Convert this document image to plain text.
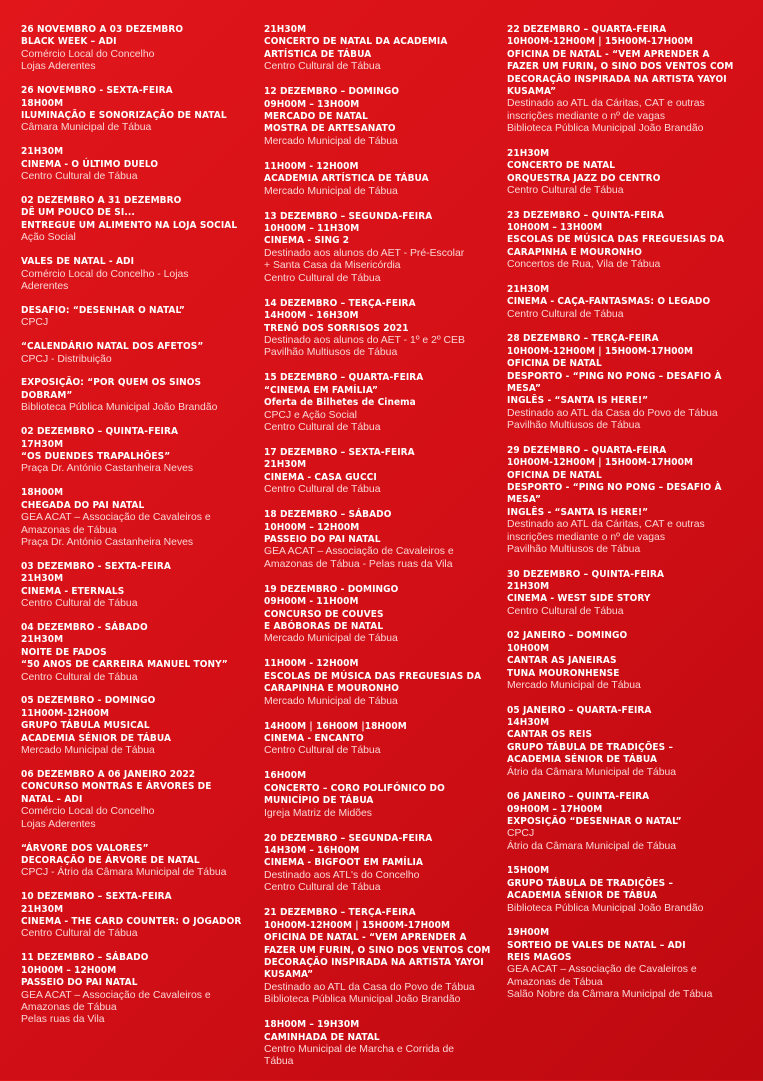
26 NOVEMBRO A 03 DEZEMBRO
BLACK WEEK – ADI
Comércio Local do Concelho
Lojas Aderentes
26 NOVEMBRO - SEXTA-FEIRA
18H00M
ILUMINAÇÃO E SONORIZAÇÃO DE NATAL
Câmara Municipal de Tábua
21H30M
CINEMA - O ÚLTIMO DUELO
Centro Cultural de Tábua
02 DEZEMBRO A 31 DEZEMBRO
DÊ UM POUCO DE SI...
ENTREGUE UM ALIMENTO NA LOJA SOCIAL
Ação Social
VALES DE NATAL - ADI
Comércio Local do Concelho - Lojas
Aderentes
DESAFIO: “DESENHAR O NATAL”
CPCJ
“CALENDÁRIO NATAL DOS AFETOS”
CPCJ - Distribuição
EXPOSIÇÃO: “POR QUEM OS SINOS
DOBRAM”
Biblioteca Pública Municipal João Brandão
02 DEZEMBRO – QUINTA-FEIRA
17H30M
“OS DUENDES TRAPALHÕES”
Praça Dr. António Castanheira Neves
18H00M
CHEGADA DO PAI NATAL
GEA ACAT – Associação de Cavaleiros e
Amazonas de Tábua
Praça Dr. António Castanheira Neves
03 DEZEMBRO - SEXTA-FEIRA
21H30M
CINEMA - ETERNALS
Centro Cultural de Tábua
04 DEZEMBRO - SÁBADO
21H30M
NOITE DE FADOS
“50 ANOS DE CARREIRA MANUEL TONY”
Centro Cultural de Tábua
05 DEZEMBRO - DOMINGO
11H00M-12H00M
GRUPO TÁBULA MUSICAL
ACADEMIA SÉNIOR DE TÁBUA
Mercado Municipal de Tábua
06 DEZEMBRO A 06 JANEIRO 2022
CONCURSO MONTRAS E ÁRVORES DE
NATAL – ADI
Comércio Local do Concelho
Lojas Aderentes
“ÁRVORE DOS VALORES”
DECORAÇÃO DE ÁRVORE DE NATAL
CPCJ - Átrio da Câmara Municipal de Tábua
10 DEZEMBRO – SEXTA-FEIRA
21H30M
CINEMA - THE CARD COUNTER: O JOGADOR
Centro Cultural de Tábua
11 DEZEMBRO – SÁBADO
10H00M – 12H00M
PASSEIO DO PAI NATAL
GEA ACAT – Associação de Cavaleiros e
Amazonas de Tábua
Pelas ruas da Vila
21H30M
CONCERTO DE NATAL DA ACADEMIA
ARTÍSTICA DE TÁBUA
Centro Cultural de Tábua
12 DEZEMBRO – DOMINGO
09H00M – 13H00M
MERCADO DE NATAL
MOSTRA DE ARTESANATO
Mercado Municipal de Tábua
11H00M - 12H00M
ACADEMIA ARTÍSTICA DE TÁBUA
Mercado Municipal de Tábua
13 DEZEMBRO – SEGUNDA-FEIRA
10H00M – 11H30M
CINEMA - SING 2
Destinado aos alunos do AET - Pré-Escolar
+ Santa Casa da Misericórdia
Centro Cultural de Tábua
14 DEZEMBRO – TERÇA-FEIRA
14H00M - 16H30M
TRENÓ DOS SORRISOS 2021
Destinado aos alunos do AET - 1º e 2º CEB
Pavilhão Multiusos de Tábua
15 DEZEMBRO – QUARTA-FEIRA
“CINEMA EM FAMÍLIA”
Oferta de Bilhetes de Cinema
CPCJ e Ação Social
Centro Cultural de Tábua
17 DEZEMBRO – SEXTA-FEIRA
21H30M
CINEMA - CASA GUCCI
Centro Cultural de Tábua
18 DEZEMBRO – SÁBADO
10H00M – 12H00M
PASSEIO DO PAI NATAL
GEA ACAT – Associação de Cavaleiros e
Amazonas de Tábua - Pelas ruas da Vila
19 DEZEMBRO - DOMINGO
09H00M - 11H00M
CONCURSO DE COUVES
E ABÓBORAS DE NATAL
Mercado Municipal de Tábua
11H00M - 12H00M
ESCOLAS DE MÚSICA DAS FREGUESIAS DA
CARAPINHA E MOURONHO
Mercado Municipal de Tábua
14H00M | 16H00M |18H00M
CINEMA - ENCANTO
Centro Cultural de Tábua
16H00M
CONCERTO – CORO POLIFÓNICO DO
MUNICÍPIO DE TÁBUA
Igreja Matriz de Midões
20 DEZEMBRO – SEGUNDA-FEIRA
14H30M – 16H00M
CINEMA - BIGFOOT EM FAMÍLIA
Destinado aos ATL's do Concelho
Centro Cultural de Tábua
21 DEZEMBRO – TERÇA-FEIRA
10H00M-12H00M | 15H00M-17H00M
OFICINA DE NATAL - “VEM APRENDER A
FAZER UM FURIN, O SINO DOS VENTOS COM
DECORAÇÃO INSPIRADA NA ARTISTA YAYOI
KUSAMA”
Destinado ao ATL da Casa do Povo de Tábua
Biblioteca Pública Municipal João Brandão
18H00M – 19H30M
CAMINHADA DE NATAL
Centro Municipal de Marcha e Corrida de
Tábua
22 DEZEMBRO – QUARTA-FEIRA
10H00M-12H00M | 15H00M-17H00M
OFICINA DE NATAL - “VEM APRENDER A
FAZER UM FURIN, O SINO DOS VENTOS COM
DECORAÇÃO INSPIRADA NA ARTISTA YAYOI
KUSAMA”
Destinado ao ATL da Cáritas, CAT e outras
inscrições mediante o nº de vagas
Biblioteca Pública Municipal João Brandão
21H30M
CONCERTO DE NATAL
ORQUESTRA JAZZ DO CENTRO
Centro Cultural de Tábua
23 DEZEMBRO – QUINTA-FEIRA
10H00M – 13H00M
ESCOLAS DE MÚSICA DAS FREGUESIAS DA
CARAPINHA E MOURONHO
Concertos de Rua, Vila de Tábua
21H30M
CINEMA - CAÇA-FANTASMAS: O LEGADO
Centro Cultural de Tábua
28 DEZEMBRO – TERÇA-FEIRA
10H00M-12H00M | 15H00M-17H00M
OFICINA DE NATAL
DESPORTO - “PING NO PONG – DESAFIO À
MESA”
INGLÊS - “SANTA IS HERE!”
Destinado ao ATL da Casa do Povo de Tábua
Pavilhão Multiusos de Tábua
29 DEZEMBRO – QUARTA-FEIRA
10H00M-12H00M | 15H00M-17H00M
OFICINA DE NATAL
DESPORTO - “PING NO PONG – DESAFIO À
MESA”
INGLÊS - “SANTA IS HERE!”
Destinado ao ATL da Cáritas, CAT e outras
inscrições mediante o nº de vagas
Pavilhão Multiusos de Tábua
30 DEZEMBRO – QUINTA-FEIRA
21H30M
CINEMA - WEST SIDE STORY
Centro Cultural de Tábua
02 JANEIRO – DOMINGO
10H00M
CANTAR AS JANEIRAS
TUNA MOURONHENSE
Mercado Municipal de Tábua
05 JANEIRO – QUARTA-FEIRA
14H30M
CANTAR OS REIS
GRUPO TÁBULA DE TRADIÇÕES –
ACADEMIA SÉNIOR DE TÁBUA
Átrio da Câmara Municipal de Tábua
06 JANEIRO – QUINTA-FEIRA
09H00M – 17H00M
EXPOSIÇÃO “DESENHAR O NATAL”
CPCJ
Átrio da Câmara Municipal de Tábua
15H00M
GRUPO TÁBULA DE TRADIÇÕES –
ACADEMIA SÉNIOR DE TÁBUA
Biblioteca Pública Municipal João Brandão
19H00M
SORTEIO DE VALES DE NATAL – ADI
REIS MAGOS
GEA ACAT – Associação de Cavaleiros e
Amazonas de Tábua
Salão Nobre da Câmara Municipal de Tábua
